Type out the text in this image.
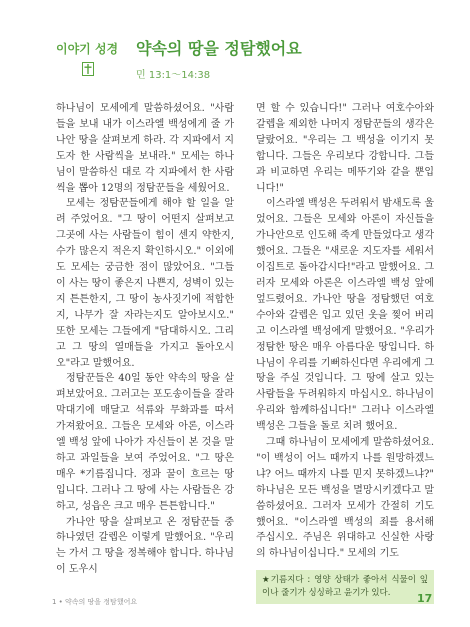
이야기 성경 약속의 땅을 정탐했어요
민 13:1～14:38

하나님이 모세에게 말씀하셨어요. "사람들을 보내 내가 이스라엘 백성에게 줄 가나안 땅을 살펴보게 하라. 각 지파에서 지도자 한 사람씩을 보내라." 모세는 하나님이 말씀하신 대로 각 지파에서 한 사람씩을 뽑아 12명의 정탐꾼들을 세웠어요.

모세는 정탐꾼들에게 해야 할 일을 알려 주었어요. "그 땅이 어떤지 살펴보고 그곳에 사는 사람들이 힘이 센지 약한지, 수가 많은지 적은지 확인하시오." 이외에도 모세는 궁금한 점이 많았어요. "그들이 사는 땅이 좋은지 나쁜지, 성벽이 있는지 튼튼한지, 그 땅이 농사짓기에 적합한지, 나무가 잘 자라는지도 알아보시오." 또한 모세는 그들에게 "담대하시오. 그리고 그 땅의 열매들을 가지고 돌아오시오"라고 말했어요.

정탐꾼들은 40일 동안 약속의 땅을 살펴보았어요. 그러고는 포도송이들을 잘라 막대기에 매달고 석류와 무화과를 따서 가져왔어요. 그들은 모세와 아론, 이스라엘 백성 앞에 나아가 자신들이 본 것을 말하고 과일들을 보여 주었어요. "그 땅은 매우 *기름집니다. 정과 꿀이 흐르는 땅입니다. 그러나 그 땅에 사는 사람들은 강하고, 성읍은 크고 매우 튼튼합니다."

가나안 땅을 살펴보고 온 정탐꾼들 중 하나였던 갈렙은 이렇게 말했어요. "우리는 가서 그 땅을 정복해야 합니다. 하나님이 도우시

면 할 수 있습니다!" 그러나 여호수아와 갈렙을 제외한 나머지 정탐꾼들의 생각은 달랐어요. "우리는 그 백성을 이기지 못합니다. 그들은 우리보다 강합니다. 그들과 비교하면 우리는 메뚜기와 같을 뿐입니다!"

이스라엘 백성은 두려워서 밤새도록 울었어요. 그들은 모세와 아론이 자신들을 가나안으로 인도해 죽게 만들었다고 생각했어요. 그들은 "새로운 지도자를 세워서 이집트로 돌아갑시다!"라고 말했어요. 그러자 모세와 아론은 이스라엘 백성 앞에 엎드렸어요. 가나안 땅을 정탐했던 여호수아와 갈렙은 입고 있던 옷을 찢어 버리고 이스라엘 백성에게 말했어요. "우리가 정탐한 땅은 매우 아름다운 땅입니다. 하나님이 우리를 기뻐하신다면 우리에게 그 땅을 주실 것입니다. 그 땅에 살고 있는 사람들을 두려워하지 마십시오. 하나님이 우리와 함께하십니다!" 그러나 이스라엘 백성은 그들을 돌로 치려 했어요.

그때 하나님이 모세에게 말씀하셨어요. "이 백성이 어느 때까지 나를 원망하겠느냐? 어느 때까지 나를 믿지 못하겠느냐?" 하나님은 모든 백성을 멸망시키겠다고 말씀하셨어요. 그러자 모세가 간절히 기도했어요. "이스라엘 백성의 죄를 용서해 주십시오. 주님은 위대하고 신실한 사랑의 하나님이십니다." 모세의 기도

★기름지다 : 영양 상태가 좋아서 식물이 잎이나 줄기가 싱싱하고 윤기가 있다.
1 • 약속의 땅을 정탐했어요	17
